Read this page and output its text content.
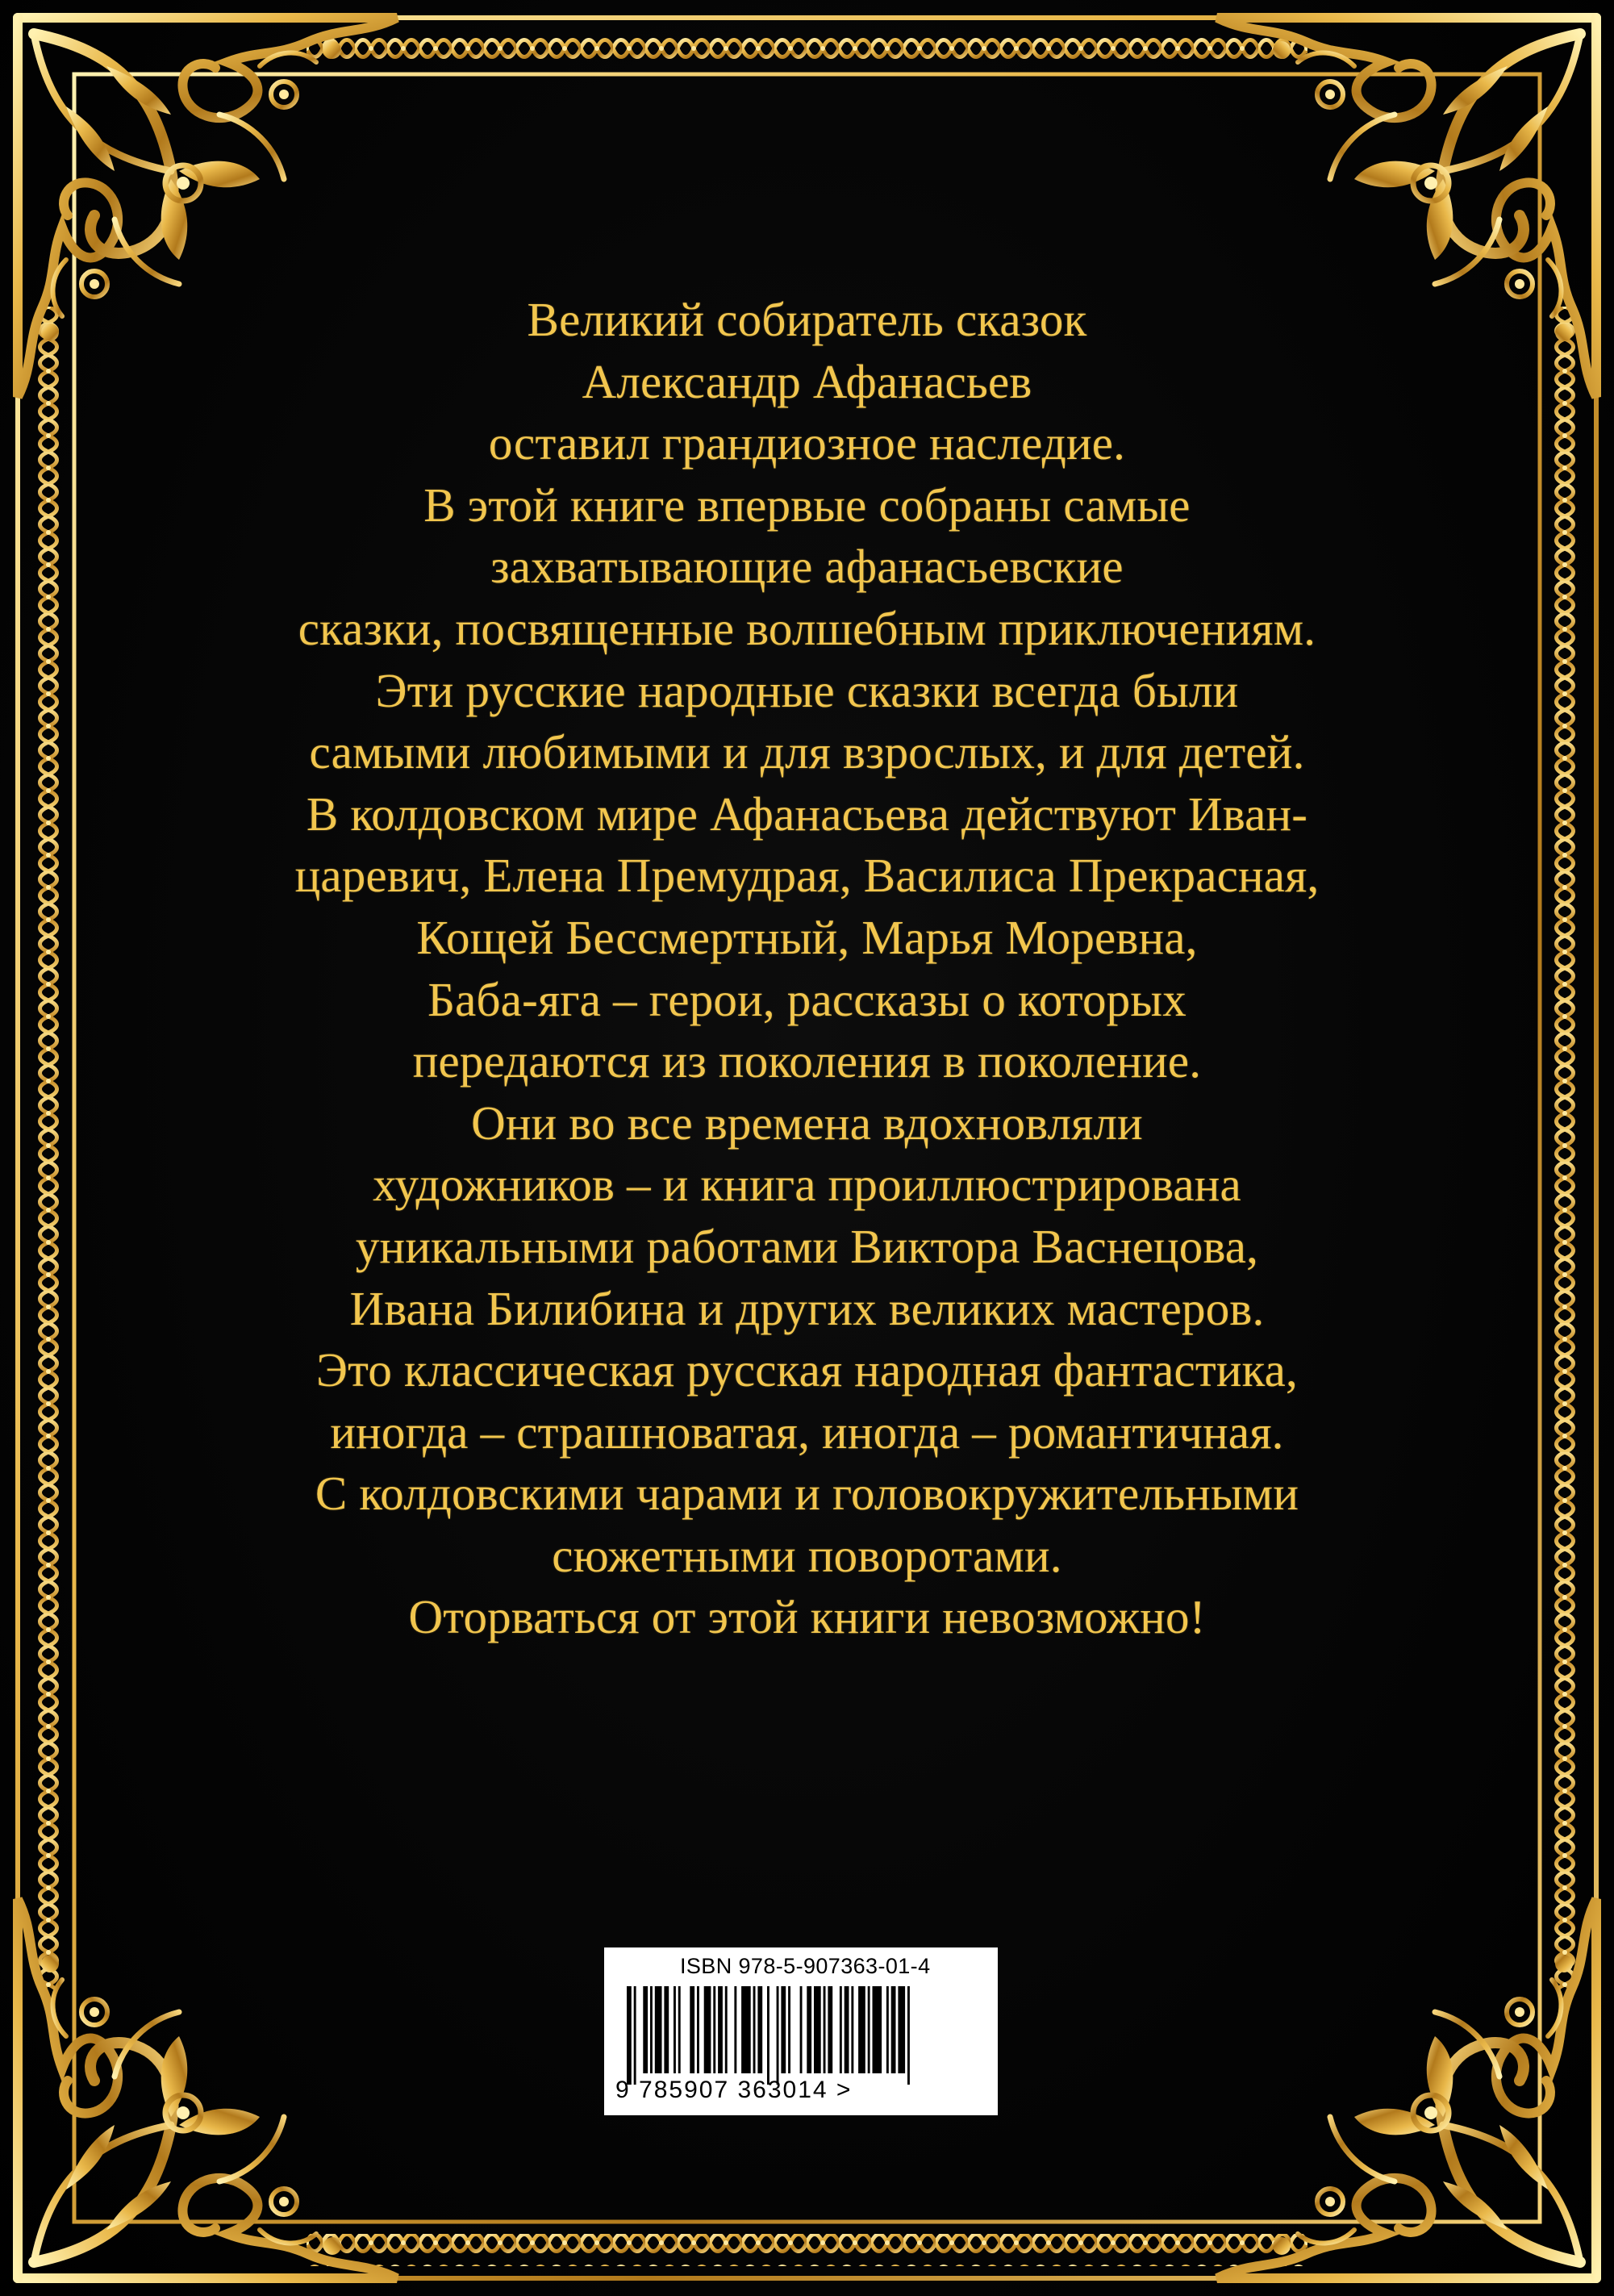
Великий собиратель сказок
Александр Афанасьев
оставил грандиозное наследие.
В этой книге впервые собраны самые
захватывающие афанасьевские
сказки, посвященные волшебным приключениям.
Эти русские народные сказки всегда были
самыми любимыми и для взрослых, и для детей.
В колдовском мире Афанасьева действуют Иван-
царевич, Елена Премудрая, Василиса Прекрасная,
Кощей Бессмертный, Марья Моревна,
Баба-яга – герои, рассказы о которых
передаются из поколения в поколение.
Они во все времена вдохновляли
художников – и книга проиллюстрирована
уникальными работами Виктора Васнецова,
Ивана Билибина и других великих мастеров.
Это классическая русская народная фантастика,
иногда – страшноватая, иногда – романтичная.
С колдовскими чарами и головокружительными
сюжетными поворотами.
Оторваться от этой книги невозможно!
ISBN 978-5-907363-01-4
9 785907 363014 >
